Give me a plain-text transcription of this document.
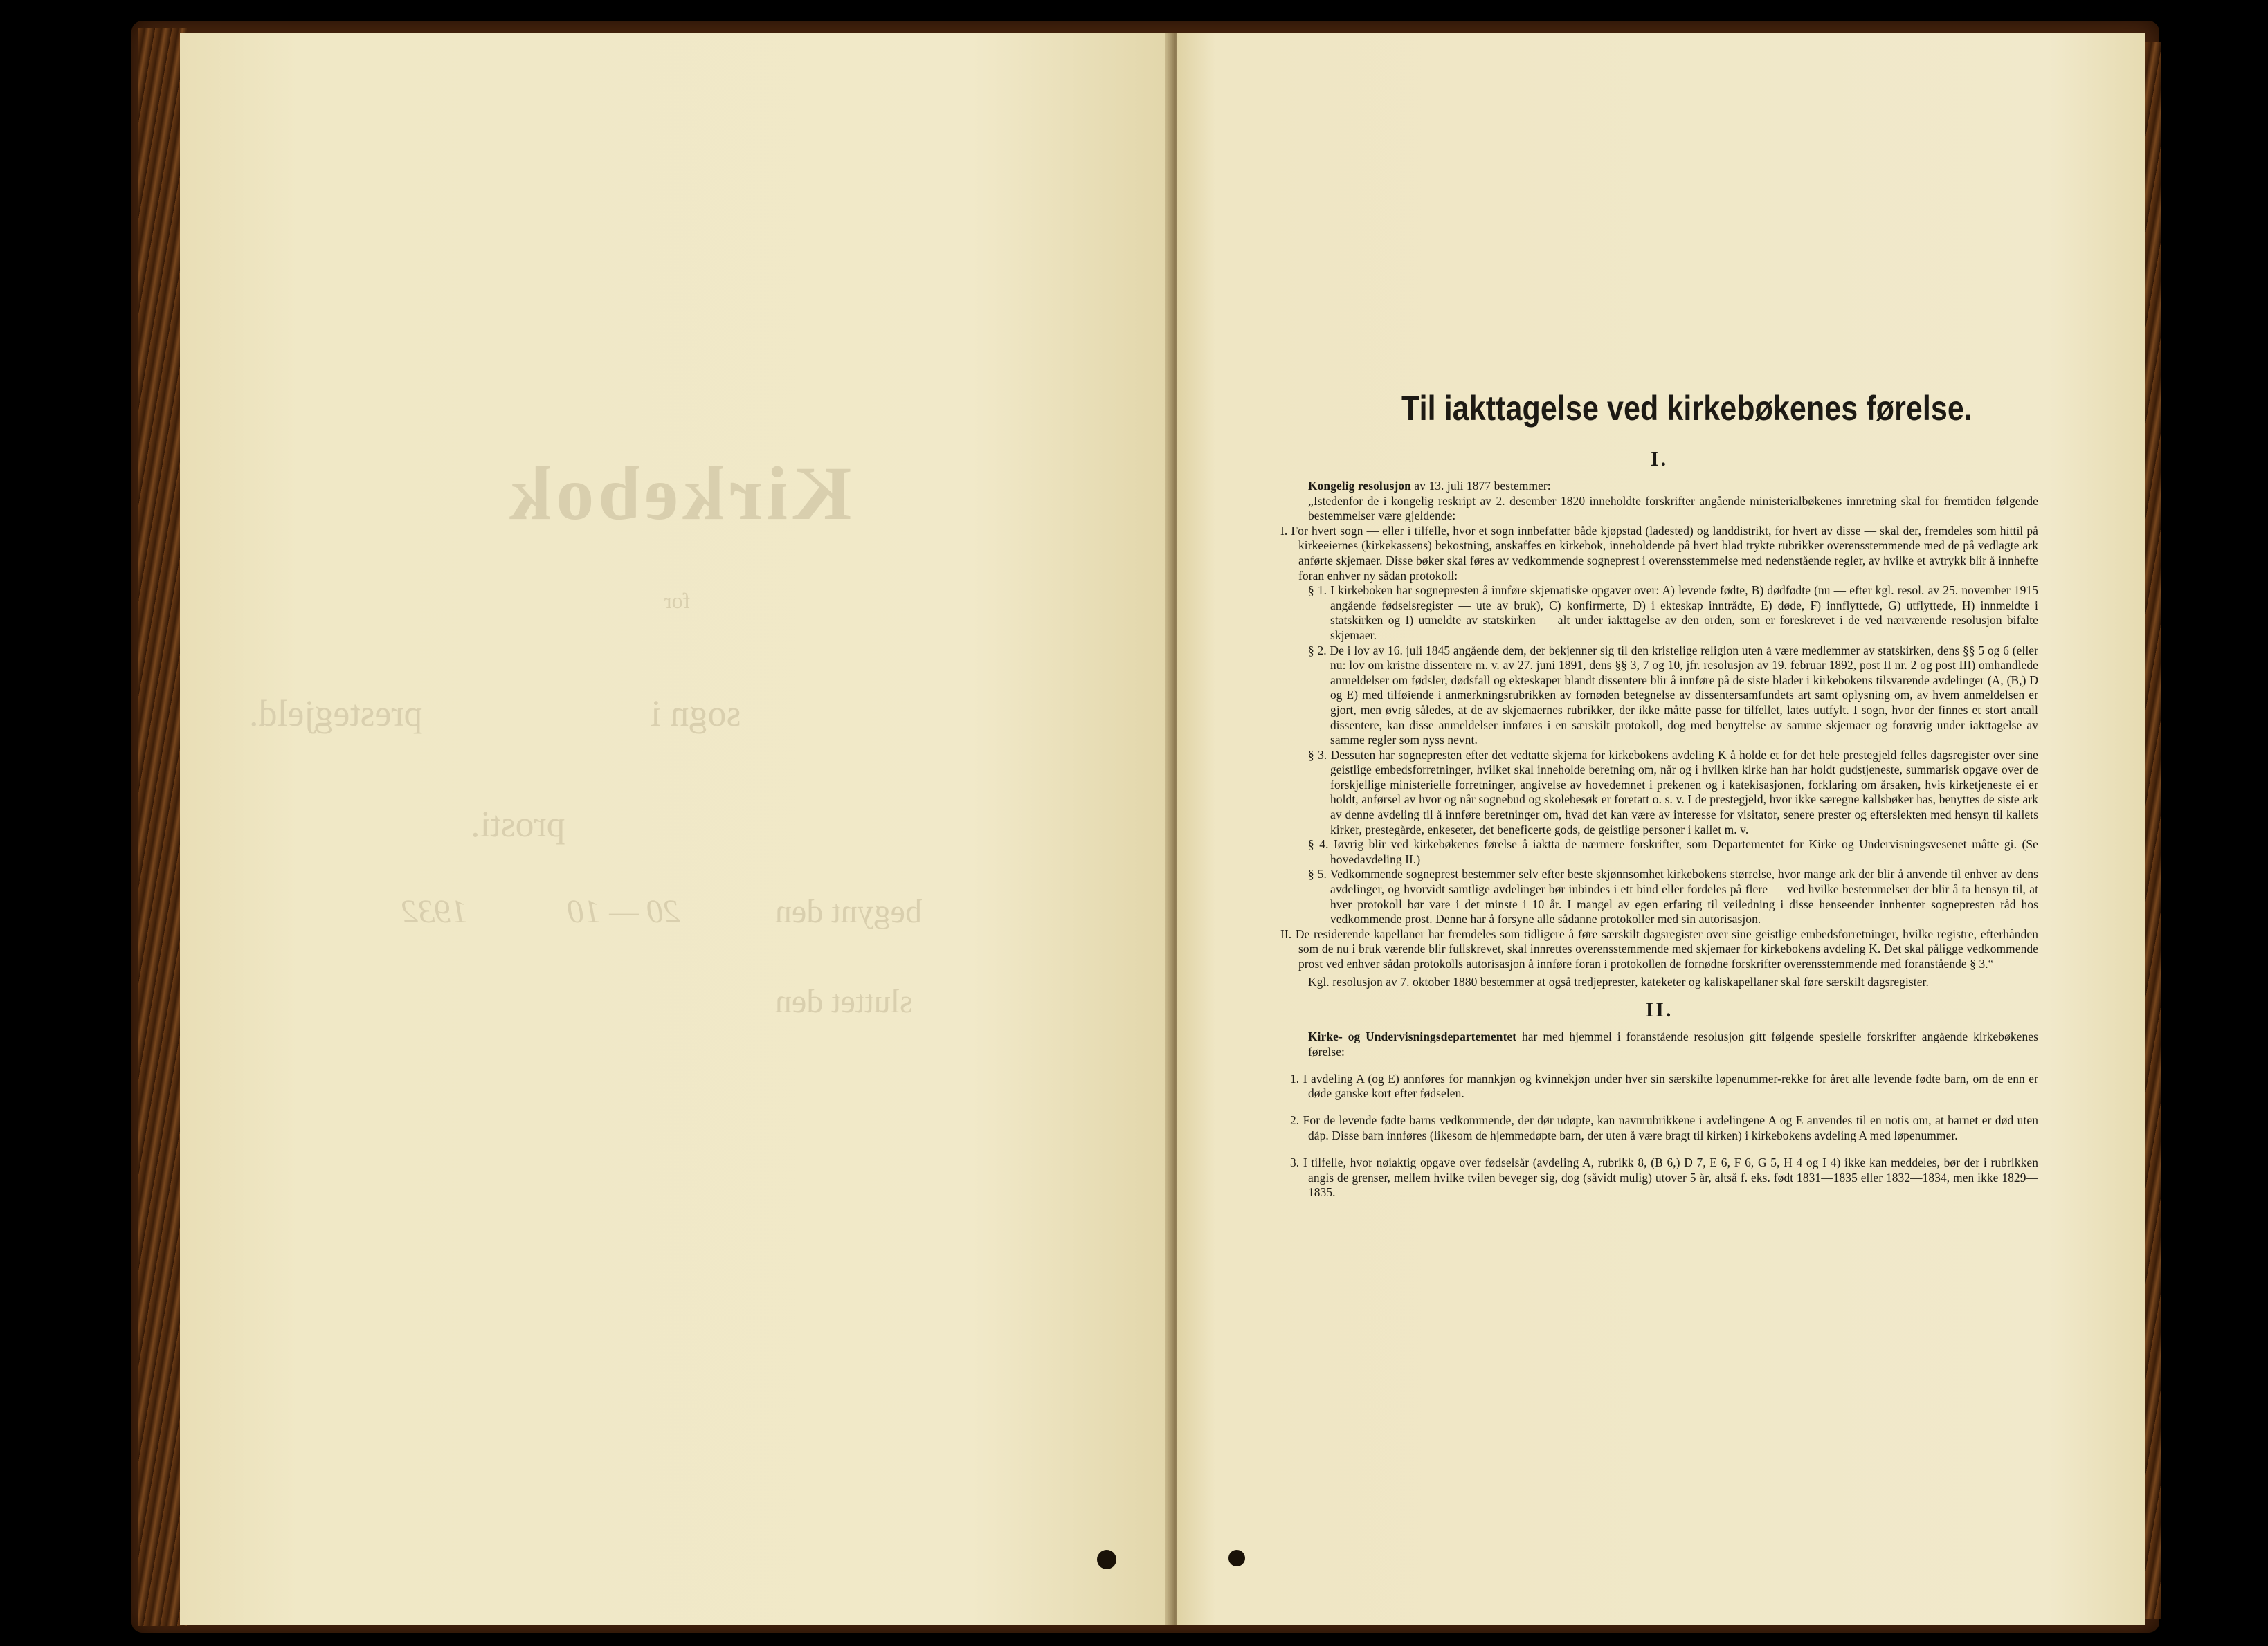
Kirkebok
for
sogn i
prestegjeld.
prosti.
begynt den
20 — 10
1932
sluttet den
Til iakttagelse ved kirkebøkenes førelse.
I.

Kongelig resolusjon av 13. juli 1877 bestemmer:

„Istedenfor de i kongelig reskript av 2. desember 1820 inneholdte forskrifter angående ministerialbøkenes innretning skal for fremtiden følgende bestemmelser være gjeldende:

I. For hvert sogn — eller i tilfelle, hvor et sogn innbefatter både kjøpstad (ladested) og landdistrikt, for hvert av disse — skal der, fremdeles som hittil på kirkeeiernes (kirkekassens) bekostning, anskaffes en kirkebok, inneholdende på hvert blad trykte rubrikker overensstemmende med de på vedlagte ark anførte skjemaer. Disse bøker skal føres av vedkommende sogneprest i overensstemmelse med nedenstående regler, av hvilke et avtrykk blir å innhefte foran enhver ny sådan protokoll:

§ 1. I kirkeboken har sognepresten å innføre skjematiske opgaver over: A) levende fødte, B) dødfødte (nu — efter kgl. resol. av 25. november 1915 angående fødselsregister — ute av bruk), C) konfirmerte, D) i ekteskap inntrådte, E) døde, F) innflyttede, G) utflyttede, H) innmeldte i statskirken og I) utmeldte av statskirken — alt under iakttagelse av den orden, som er foreskrevet i de ved nærværende resolusjon bifalte skjemaer.

§ 2. De i lov av 16. juli 1845 angående dem, der bekjenner sig til den kristelige religion uten å være medlemmer av statskirken, dens §§ 5 og 6 (eller nu: lov om kristne dissentere m. v. av 27. juni 1891, dens §§ 3, 7 og 10, jfr. resolusjon av 19. februar 1892, post II nr. 2 og post III) omhandlede anmeldelser om fødsler, dødsfall og ekteskaper blandt dissentere blir å innføre på de siste blader i kirkebokens tilsvarende avdelinger (A, (B,) D og E) med tilføiende i anmerkningsrubrikken av fornøden betegnelse av dissentersamfundets art samt oplysning om, av hvem anmeldelsen er gjort, men øvrig således, at de av skjemaernes rubrikker, der ikke måtte passe for tilfellet, lates uutfylt. I sogn, hvor der finnes et stort antall dissentere, kan disse anmeldelser innføres i en særskilt protokoll, dog med benyttelse av samme skjemaer og forøvrig under iakttagelse av samme regler som nyss nevnt.

§ 3. Dessuten har sognepresten efter det vedtatte skjema for kirkebokens avdeling K å holde et for det hele prestegjeld felles dagsregister over sine geistlige embedsforretninger, hvilket skal inneholde beretning om, når og i hvilken kirke han har holdt gudstjeneste, summarisk opgave over de forskjellige ministerielle forretninger, angivelse av hovedemnet i prekenen og i katekisasjonen, forklaring om årsaken, hvis kirketjeneste ei er holdt, anførsel av hvor og når sognebud og skolebesøk er foretatt o. s. v. I de prestegjeld, hvor ikke særegne kallsbøker has, benyttes de siste ark av denne avdeling til å innføre beretninger om, hvad det kan være av interesse for visitator, senere prester og efterslekten med hensyn til kallets kirker, prestegårde, enkeseter, det beneficerte gods, de geistlige personer i kallet m. v.

§ 4. Iøvrig blir ved kirkebøkenes førelse å iaktta de nærmere forskrifter, som Departementet for Kirke og Undervisningsvesenet måtte gi. (Se hovedavdeling II.)

§ 5. Vedkommende sogneprest bestemmer selv efter beste skjønnsomhet kirkebokens størrelse, hvor mange ark der blir å anvende til enhver av dens avdelinger, og hvorvidt samtlige avdelinger bør inbindes i ett bind eller fordeles på flere — ved hvilke bestemmelser der blir å ta hensyn til, at hver protokoll bør vare i det minste i 10 år. I mangel av egen erfaring til veiledning i disse henseender innhenter sognepresten råd hos vedkommende prost. Denne har å forsyne alle sådanne protokoller med sin autorisasjon.

II. De residerende kapellaner har fremdeles som tidligere å føre særskilt dagsregister over sine geistlige embedsforretninger, hvilke registre, efterhånden som de nu i bruk værende blir fullskrevet, skal innrettes overensstemmende med skjemaer for kirkebokens avdeling K. Det skal påligge vedkommende prost ved enhver sådan protokolls autorisasjon å innføre foran i protokollen de fornødne forskrifter overensstemmende med foranstående § 3.“

Kgl. resolusjon av 7. oktober 1880 bestemmer at også tredjeprester, kateketer og kaliskapellaner skal føre særskilt dagsregister.

II.

Kirke- og Undervisningsdepartementet har med hjemmel i foranstående resolusjon gitt følgende spesielle forskrifter angående kirkebøkenes førelse:

1. I avdeling A (og E) annføres for mannkjøn og kvinnekjøn under hver sin særskilte løpenummer-rekke for året alle levende fødte barn, om de enn er døde ganske kort efter fødselen.

2. For de levende fødte barns vedkommende, der dør udøpte, kan navnrubrikkene i avdelingene A og E anvendes til en notis om, at barnet er død uten dåp. Disse barn innføres (likesom de hjemmedøpte barn, der uten å være bragt til kirken) i kirkebokens avdeling A med løpenummer.

3. I tilfelle, hvor nøiaktig opgave over fødselsår (avdeling A, rubrikk 8, (B 6,) D 7, E 6, F 6, G 5, H 4 og I 4) ikke kan meddeles, bør der i rubrikken angis de grenser, mellem hvilke tvilen beveger sig, dog (såvidt mulig) utover 5 år, altså f. eks. født 1831—1835 eller 1832—1834, men ikke 1829—1835.
